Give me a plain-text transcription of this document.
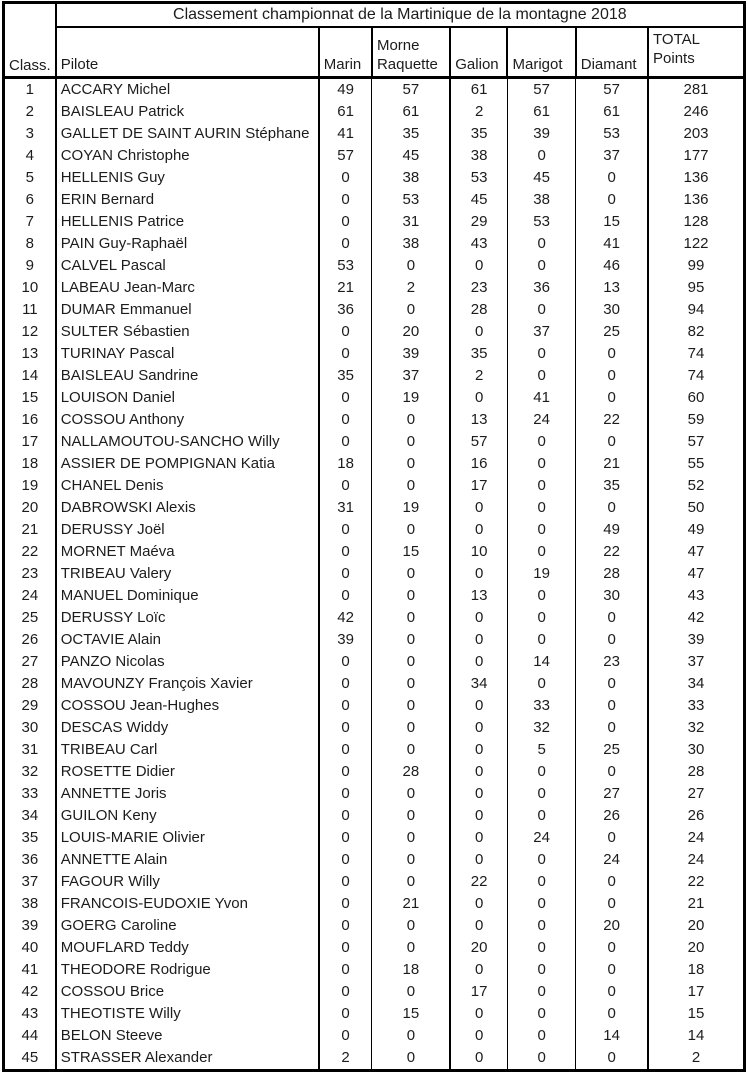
Class.	Classement championnat de la Martinique de la montagne 2018						
	Pilote	Marin	Morne Raquette	Galion	Marigot	Diamant	TOTAL Points
1	ACCARY Michel	49	57	61	57	57	281
2	BAISLEAU Patrick	61	61	2	61	61	246
3	GALLET DE SAINT AURIN Stéphane	41	35	35	39	53	203
4	COYAN Christophe	57	45	38	0	37	177
5	HELLENIS Guy	0	38	53	45	0	136
6	ERIN Bernard	0	53	45	38	0	136
7	HELLENIS Patrice	0	31	29	53	15	128
8	PAIN Guy-Raphaël	0	38	43	0	41	122
9	CALVEL Pascal	53	0	0	0	46	99
10	LABEAU Jean-Marc	21	2	23	36	13	95
11	DUMAR Emmanuel	36	0	28	0	30	94
12	SULTER Sébastien	0	20	0	37	25	82
13	TURINAY Pascal	0	39	35	0	0	74
14	BAISLEAU Sandrine	35	37	2	0	0	74
15	LOUISON Daniel	0	19	0	41	0	60
16	COSSOU Anthony	0	0	13	24	22	59
17	NALLAMOUTOU-SANCHO Willy	0	0	57	0	0	57
18	ASSIER DE POMPIGNAN Katia	18	0	16	0	21	55
19	CHANEL Denis	0	0	17	0	35	52
20	DABROWSKI Alexis	31	19	0	0	0	50
21	DERUSSY Joël	0	0	0	0	49	49
22	MORNET Maéva	0	15	10	0	22	47
23	TRIBEAU Valery	0	0	0	19	28	47
24	MANUEL Dominique	0	0	13	0	30	43
25	DERUSSY Loïc	42	0	0	0	0	42
26	OCTAVIE Alain	39	0	0	0	0	39
27	PANZO Nicolas	0	0	0	14	23	37
28	MAVOUNZY François Xavier	0	0	34	0	0	34
29	COSSOU Jean-Hughes	0	0	0	33	0	33
30	DESCAS Widdy	0	0	0	32	0	32
31	TRIBEAU Carl	0	0	0	5	25	30
32	ROSETTE Didier	0	28	0	0	0	28
33	ANNETTE Joris	0	0	0	0	27	27
34	GUILON Keny	0	0	0	0	26	26
35	LOUIS-MARIE Olivier	0	0	0	24	0	24
36	ANNETTE Alain	0	0	0	0	24	24
37	FAGOUR Willy	0	0	22	0	0	22
38	FRANCOIS-EUDOXIE Yvon	0	21	0	0	0	21
39	GOERG Caroline	0	0	0	0	20	20
40	MOUFLARD Teddy	0	0	20	0	0	20
41	THEODORE Rodrigue	0	18	0	0	0	18
42	COSSOU Brice	0	0	17	0	0	17
43	THEOTISTE Willy	0	15	0	0	0	15
44	BELON Steeve	0	0	0	0	14	14
45	STRASSER Alexander	2	0	0	0	0	2
